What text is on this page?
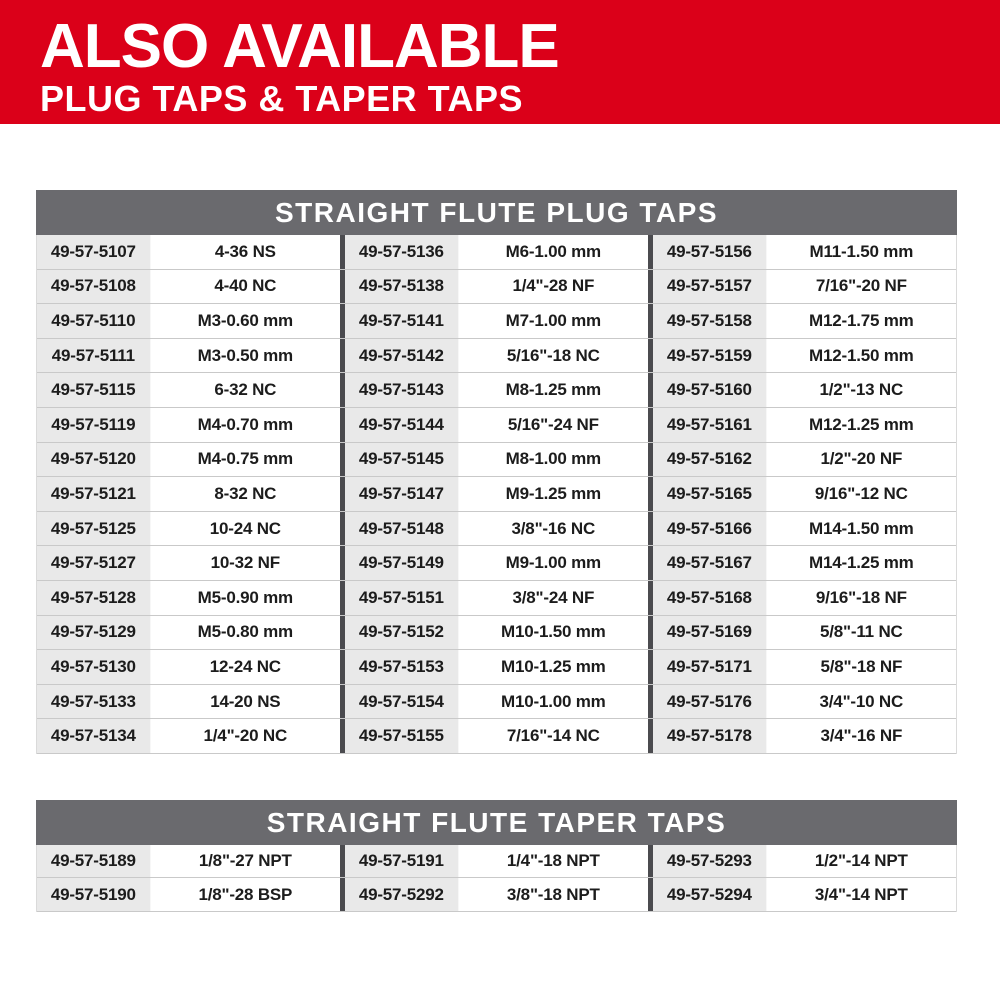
ALSO AVAILABLE
PLUG TAPS & TAPER TAPS
STRAIGHT FLUTE PLUG TAPS
49-57-5107	4-36 NS	49-57-5136	M6-1.00 mm	49-57-5156	M11-1.50 mm
49-57-5108	4-40 NC	49-57-5138	1/4"-28 NF	49-57-5157	7/16"-20 NF
49-57-5110	M3-0.60 mm	49-57-5141	M7-1.00 mm	49-57-5158	M12-1.75 mm
49-57-5111	M3-0.50 mm	49-57-5142	5/16"-18 NC	49-57-5159	M12-1.50 mm
49-57-5115	6-32 NC	49-57-5143	M8-1.25 mm	49-57-5160	1/2"-13 NC
49-57-5119	M4-0.70 mm	49-57-5144	5/16"-24 NF	49-57-5161	M12-1.25 mm
49-57-5120	M4-0.75 mm	49-57-5145	M8-1.00 mm	49-57-5162	1/2"-20 NF
49-57-5121	8-32 NC	49-57-5147	M9-1.25 mm	49-57-5165	9/16"-12 NC
49-57-5125	10-24 NC	49-57-5148	3/8"-16 NC	49-57-5166	M14-1.50 mm
49-57-5127	10-32 NF	49-57-5149	M9-1.00 mm	49-57-5167	M14-1.25 mm
49-57-5128	M5-0.90 mm	49-57-5151	3/8"-24 NF	49-57-5168	9/16"-18 NF
49-57-5129	M5-0.80 mm	49-57-5152	M10-1.50 mm	49-57-5169	5/8"-11 NC
49-57-5130	12-24 NC	49-57-5153	M10-1.25 mm	49-57-5171	5/8"-18 NF
49-57-5133	14-20 NS	49-57-5154	M10-1.00 mm	49-57-5176	3/4"-10 NC
49-57-5134	1/4"-20 NC	49-57-5155	7/16"-14 NC	49-57-5178	3/4"-16 NF
STRAIGHT FLUTE TAPER TAPS
49-57-5189	1/8"-27 NPT	49-57-5191	1/4"-18 NPT	49-57-5293	1/2"-14 NPT
49-57-5190	1/8"-28 BSP	49-57-5292	3/8"-18 NPT	49-57-5294	3/4"-14 NPT
